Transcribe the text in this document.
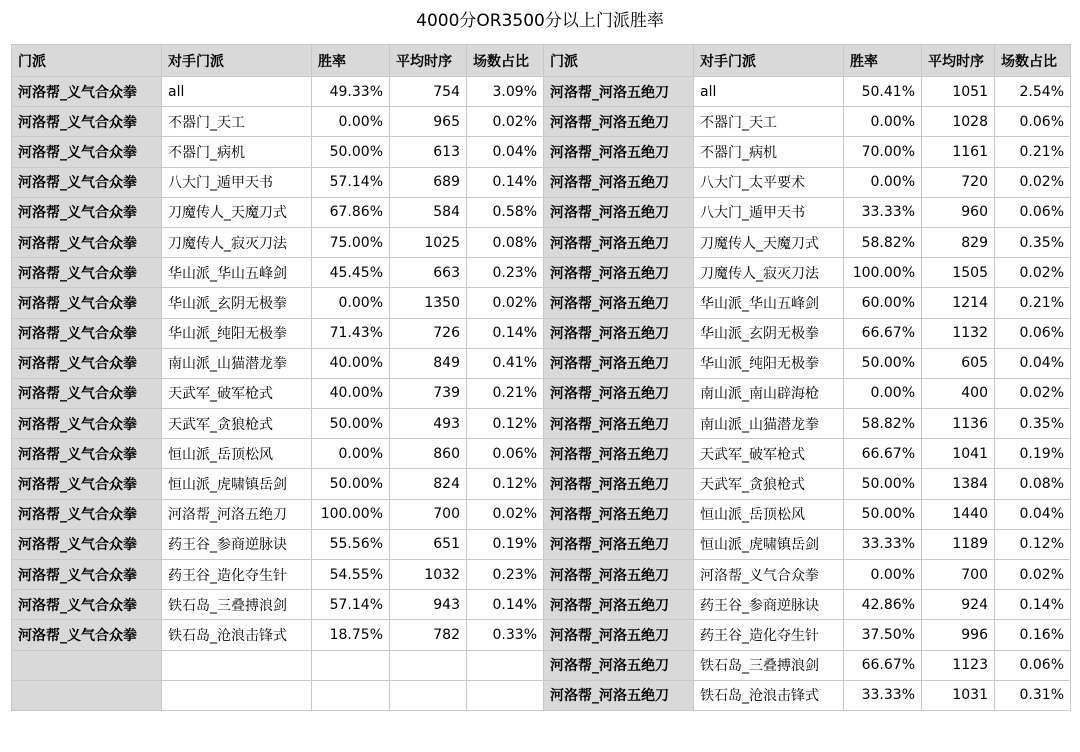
4000分OR3500分以上门派胜率
门派	对手门派	胜率	平均时序	场数占比	门派	对手门派	胜率	平均时序	场数占比
河洛帮_义气合众拳	all	49.33%	754	3.09%	河洛帮_河洛五绝刀	all	50.41%	1051	2.54%
河洛帮_义气合众拳	不器门_天工	0.00%	965	0.02%	河洛帮_河洛五绝刀	不器门_天工	0.00%	1028	0.06%
河洛帮_义气合众拳	不器门_病机	50.00%	613	0.04%	河洛帮_河洛五绝刀	不器门_病机	70.00%	1161	0.21%
河洛帮_义气合众拳	八大门_遁甲天书	57.14%	689	0.14%	河洛帮_河洛五绝刀	八大门_太平要术	0.00%	720	0.02%
河洛帮_义气合众拳	刀魔传人_天魔刀式	67.86%	584	0.58%	河洛帮_河洛五绝刀	八大门_遁甲天书	33.33%	960	0.06%
河洛帮_义气合众拳	刀魔传人_寂灭刀法	75.00%	1025	0.08%	河洛帮_河洛五绝刀	刀魔传人_天魔刀式	58.82%	829	0.35%
河洛帮_义气合众拳	华山派_华山五峰剑	45.45%	663	0.23%	河洛帮_河洛五绝刀	刀魔传人_寂灭刀法	100.00%	1505	0.02%
河洛帮_义气合众拳	华山派_玄阴无极拳	0.00%	1350	0.02%	河洛帮_河洛五绝刀	华山派_华山五峰剑	60.00%	1214	0.21%
河洛帮_义气合众拳	华山派_纯阳无极拳	71.43%	726	0.14%	河洛帮_河洛五绝刀	华山派_玄阴无极拳	66.67%	1132	0.06%
河洛帮_义气合众拳	南山派_山猫潜龙拳	40.00%	849	0.41%	河洛帮_河洛五绝刀	华山派_纯阳无极拳	50.00%	605	0.04%
河洛帮_义气合众拳	天武军_破军枪式	40.00%	739	0.21%	河洛帮_河洛五绝刀	南山派_南山辟海枪	0.00%	400	0.02%
河洛帮_义气合众拳	天武军_贪狼枪式	50.00%	493	0.12%	河洛帮_河洛五绝刀	南山派_山猫潜龙拳	58.82%	1136	0.35%
河洛帮_义气合众拳	恒山派_岳顶松风	0.00%	860	0.06%	河洛帮_河洛五绝刀	天武军_破军枪式	66.67%	1041	0.19%
河洛帮_义气合众拳	恒山派_虎啸镇岳剑	50.00%	824	0.12%	河洛帮_河洛五绝刀	天武军_贪狼枪式	50.00%	1384	0.08%
河洛帮_义气合众拳	河洛帮_河洛五绝刀	100.00%	700	0.02%	河洛帮_河洛五绝刀	恒山派_岳顶松风	50.00%	1440	0.04%
河洛帮_义气合众拳	药王谷_参商逆脉诀	55.56%	651	0.19%	河洛帮_河洛五绝刀	恒山派_虎啸镇岳剑	33.33%	1189	0.12%
河洛帮_义气合众拳	药王谷_造化夺生针	54.55%	1032	0.23%	河洛帮_河洛五绝刀	河洛帮_义气合众拳	0.00%	700	0.02%
河洛帮_义气合众拳	铁石岛_三叠搏浪剑	57.14%	943	0.14%	河洛帮_河洛五绝刀	药王谷_参商逆脉诀	42.86%	924	0.14%
河洛帮_义气合众拳	铁石岛_沧浪击锋式	18.75%	782	0.33%	河洛帮_河洛五绝刀	药王谷_造化夺生针	37.50%	996	0.16%
					河洛帮_河洛五绝刀	铁石岛_三叠搏浪剑	66.67%	1123	0.06%
					河洛帮_河洛五绝刀	铁石岛_沧浪击锋式	33.33%	1031	0.31%
